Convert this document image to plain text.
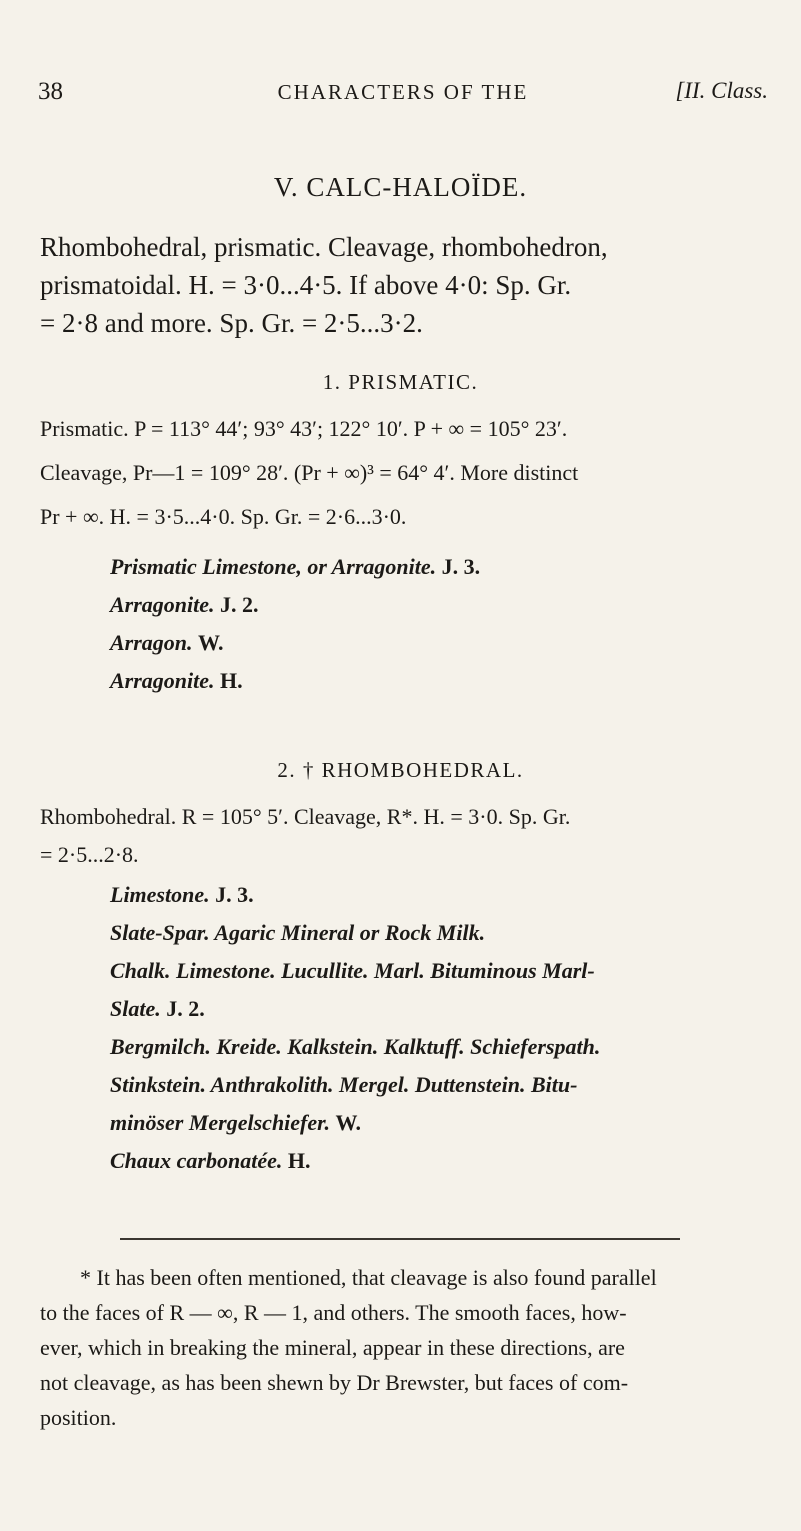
38	CHARACTERS OF THE	[II. Class.
V. CALC-HALOÏDE.
Rhombohedral, prismatic. Cleavage, rhombohedron,
prismatoidal. H. = 3·0...4·5. If above 4·0: Sp. Gr.
= 2·8 and more. Sp. Gr. = 2·5...3·2.
1. PRISMATIC.
Prismatic. P = 113° 44′; 93° 43′; 122° 10′. P + ∞ = 105° 23′.
Cleavage, Pr—1 = 109° 28′. (Pr + ∞)³ = 64° 4′. More distinct
Pr + ∞. H. = 3·5...4·0. Sp. Gr. = 2·6...3·0.
Prismatic Limestone, or Arragonite. J. 3.
Arragonite. J. 2.
Arragon. W.
Arragonite. H.
2. † RHOMBOHEDRAL.
Rhombohedral. R = 105° 5′. Cleavage, R*. H. = 3·0. Sp. Gr.
= 2·5...2·8.
Limestone. J. 3.
Slate-Spar. Agaric Mineral or Rock Milk.
Chalk. Limestone. Lucullite. Marl. Bituminous Marl-
Slate. J. 2.
Bergmilch. Kreide. Kalkstein. Kalktuff. Schieferspath.
Stinkstein. Anthrakolith. Mergel. Duttenstein. Bitu-
minöser Mergelschiefer. W.
Chaux carbonatée. H.
* It has been often mentioned, that cleavage is also found parallel
to the faces of R — ∞, R — 1, and others. The smooth faces, how-
ever, which in breaking the mineral, appear in these directions, are
not cleavage, as has been shewn by Dr Brewster, but faces of com-
position.
